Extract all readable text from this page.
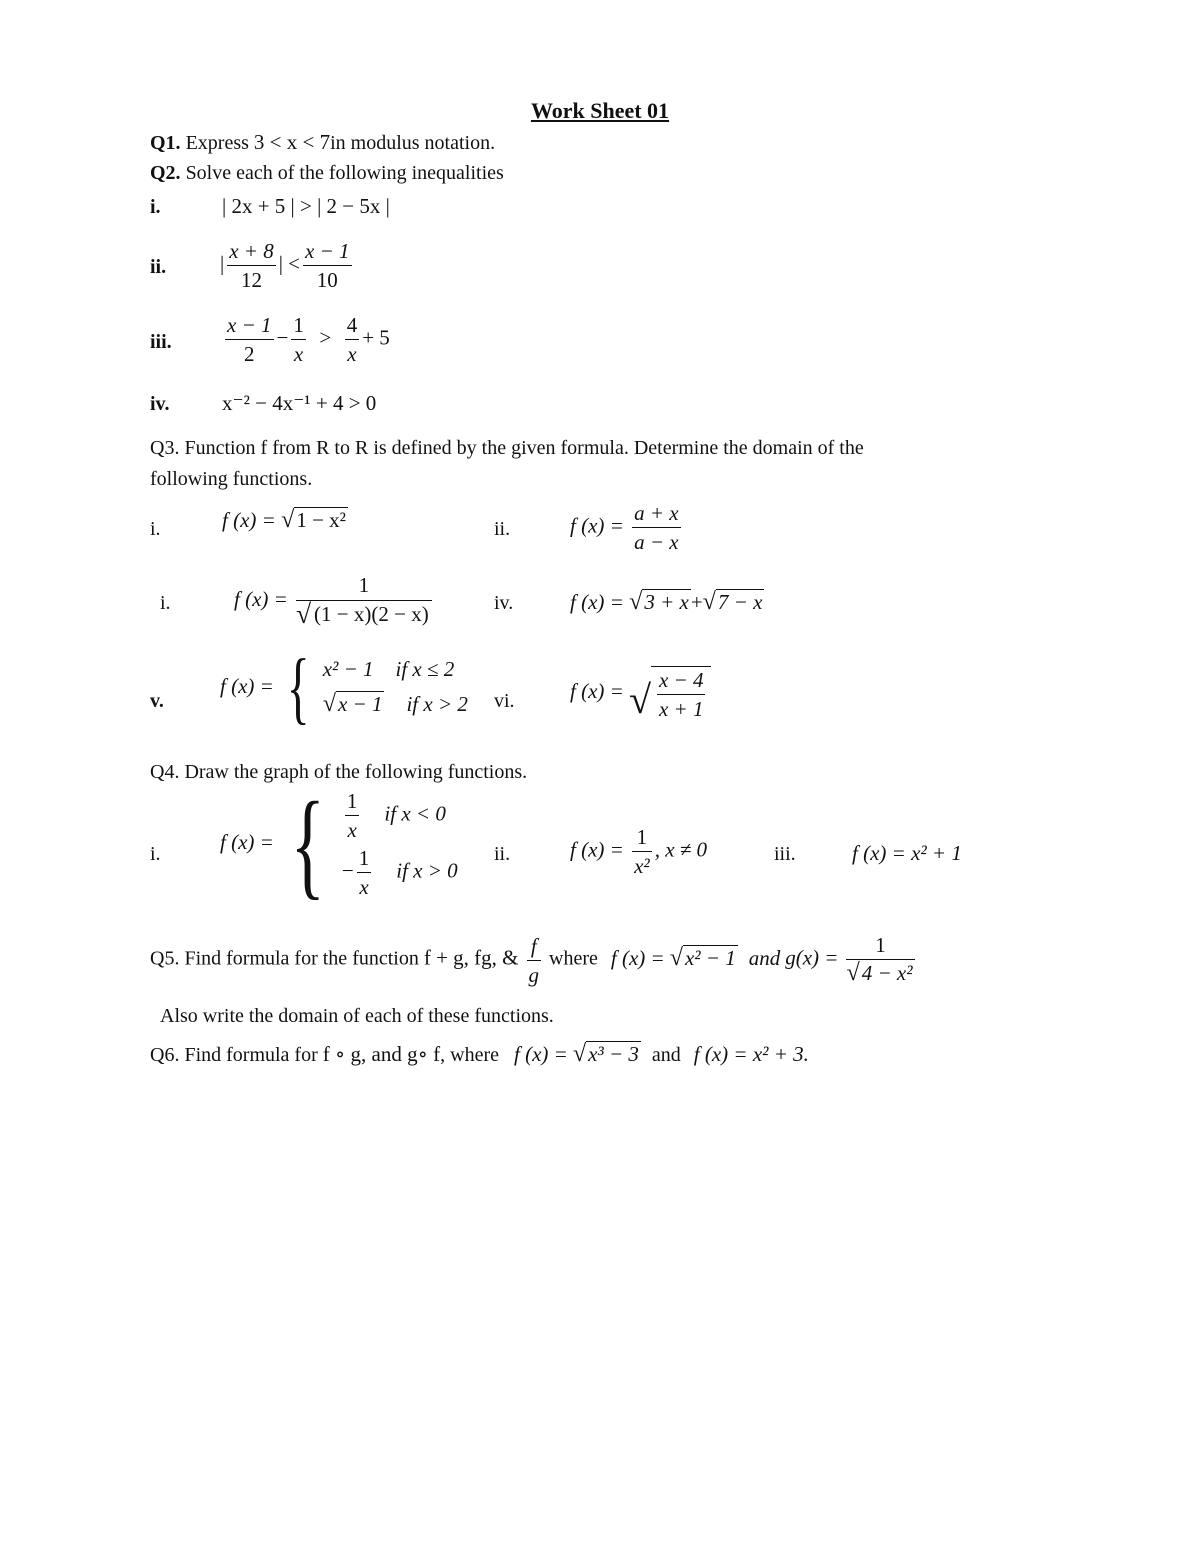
Work Sheet 01
Q1. Express 3 < x < 7in modulus notation.
Q2. Solve each of the following inequalities
i.	| 2x + 5 | > | 2 − 5x |
ii.	| $\frac{x + 8}{12}$ | < $\frac{x - 1}{10}$
iii.	$\frac{x - 1}{2} - \frac{1}{x} > \frac{4}{x} + 5$
iv.	x⁻² − 4x⁻¹ + 4 > 0
Q3. Function f from R to R is defined by the given formula. Determine the domain of the
following functions.
i.	f (x) = √1 − x²	ii.	f $(x) = \frac{a + x}{a - x}$
i.	f $(x) = \frac{1}{√ (1 - x)(2 - x)}$	iv.	f (x) = √3 + x+√7 − x
v.
f (x) = { x² − 1 if x ≤ 2
√x − 1 if x > 2 vi.	f (x) = √ $\frac{x - 4}{x + 1}$
Q4. Draw the graph of the following functions.
i.
f (x) = { $\frac{1}{x}$ if x < 0
− $\frac{1}{x}$ if x > 0
ii.	f $(x) = \frac{1}{\text{x²}}$ , x ≠ 0	iii.	f (x) = x² + 1
Q5. Find formula for the function f + g, fg, & $\frac{f}{g}$ where f (x) = √x² − 1 and $g(x) = \frac{1}{\text{√4 − x²}}$
Also write the domain of each of these functions.
Q6. Find formula for f ∘ g, and g∘ f, where f (x) = √x³ − 3 and f (x) = x² + 3.
